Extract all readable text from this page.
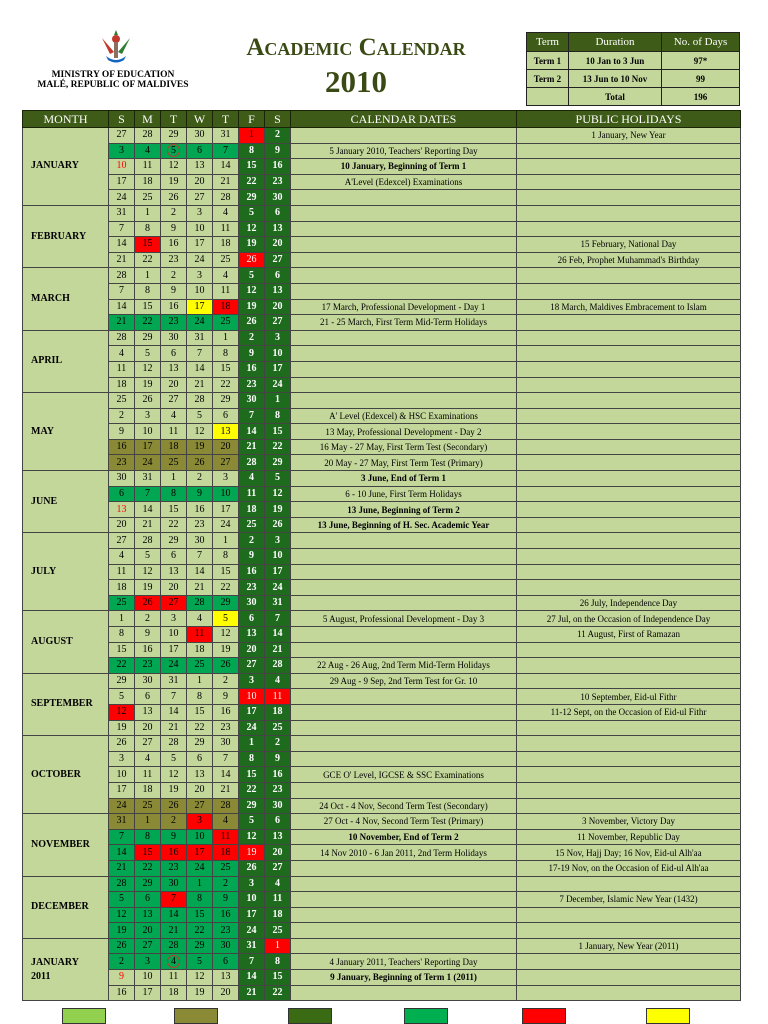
MINISTRY OF EDUCATION
MALÉ, REPUBLIC OF MALDIVES
Academic Calendar
2010
Term	Duration	No. of Days
Term 1	10 Jan to 3 Jun	97*
Term 2	13 Jun to 10 Nov	99
	Total	196
MONTH	S	M	T	W	T	F	S	CALENDAR DATES	PUBLIC HOLIDAYS

JANUARY	27	28	29	30	31	1	2		1 January, New Year
	3	4	5	6	7	8	9	5 January 2010, Teachers' Reporting Day	
	10	11	12	13	14	15	16	10 January, Beginning of Term 1	
	17	18	19	20	21	22	23	A'Level (Edexcel) Examinations	
	24	25	26	27	28	29	30		

FEBRUARY	31	1	2	3	4	5	6		
	7	8	9	10	11	12	13		
	14	15	16	17	18	19	20		15 February, National Day
	21	22	23	24	25	26	27		26 Feb, Prophet Muhammad's Birthday

MARCH	28	1	2	3	4	5	6		
	7	8	9	10	11	12	13		
	14	15	16	17	18	19	20	17 March, Professional Development - Day 1	18 March, Maldives Embracement to Islam
	21	22	23	24	25	26	27	21 - 25 March, First Term Mid-Term Holidays	

APRIL	28	29	30	31	1	2	3		
	4	5	6	7	8	9	10		
	11	12	13	14	15	16	17		
	18	19	20	21	22	23	24		

MAY	25	26	27	28	29	30	1		
	2	3	4	5	6	7	8	A' Level (Edexcel) & HSC Examinations	
	9	10	11	12	13	14	15	13 May, Professional Development - Day 2	
	16	17	18	19	20	21	22	16 May - 27 May, First Term Test (Secondary)	
	23	24	25	26	27	28	29	20 May - 27 May, First Term Test (Primary)	

JUNE	30	31	1	2	3	4	5	3 June, End of Term 1	
	6	7	8	9	10	11	12	6 - 10 June, First Term Holidays	
	13	14	15	16	17	18	19	13 June, Beginning of Term 2	
	20	21	22	23	24	25	26	13 June, Beginning of H. Sec. Academic Year	

JULY	27	28	29	30	1	2	3		
	4	5	6	7	8	9	10		
	11	12	13	14	15	16	17		
	18	19	20	21	22	23	24		
	25	26	27	28	29	30	31		26 July, Independence Day

AUGUST	1	2	3	4	5	6	7	5 August, Professional Development - Day 3	27 Jul, on the Occasion of Independence Day
	8	9	10	11	12	13	14		11 August, First of Ramazan
	15	16	17	18	19	20	21		
	22	23	24	25	26	27	28	22 Aug - 26 Aug, 2nd Term Mid-Term Holidays	

SEPTEMBER	29	30	31	1	2	3	4	29 Aug - 9 Sep, 2nd Term Test for Gr. 10	
	5	6	7	8	9	10	11		10 September, Eid-ul Fithr
	12	13	14	15	16	17	18		11-12 Sept, on the Occasion of Eid-ul Fithr
	19	20	21	22	23	24	25		

OCTOBER	26	27	28	29	30	1	2		
	3	4	5	6	7	8	9		
	10	11	12	13	14	15	16	GCE O' Level, IGCSE & SSC Examinations	
	17	18	19	20	21	22	23		
	24	25	26	27	28	29	30	24 Oct - 4 Nov, Second Term Test (Secondary)	

NOVEMBER	31	1	2	3	4	5	6	27 Oct - 4 Nov, Second Term Test (Primary)	3 November, Victory Day
	7	8	9	10	11	12	13	10 November, End of Term 2	11 November, Republic Day
	14	15	16	17	18	19	20	14 Nov 2010 - 6 Jan 2011, 2nd Term Holidays	15 Nov, Hajj Day; 16 Nov, Eid-ul Alh'aa
	21	22	23	24	25	26	27		17-19 Nov, on the Occasion of Eid-ul Alh'aa

DECEMBER	28	29	30	1	2	3	4		
	5	6	7	8	9	10	11		7 December, Islamic New Year (1432)
	12	13	14	15	16	17	18		
	19	20	21	22	23	24	25		

JANUARY
2011	26	27	28	29	30	31	1		1 January, New Year (2011)
	2	3	4	5	6	7	8	4 January 2011, Teachers' Reporting Day	
	9	10	11	12	13	14	15	9 January, Beginning of Term 1 (2011)	
	16	17	18	19	20	21	22		
